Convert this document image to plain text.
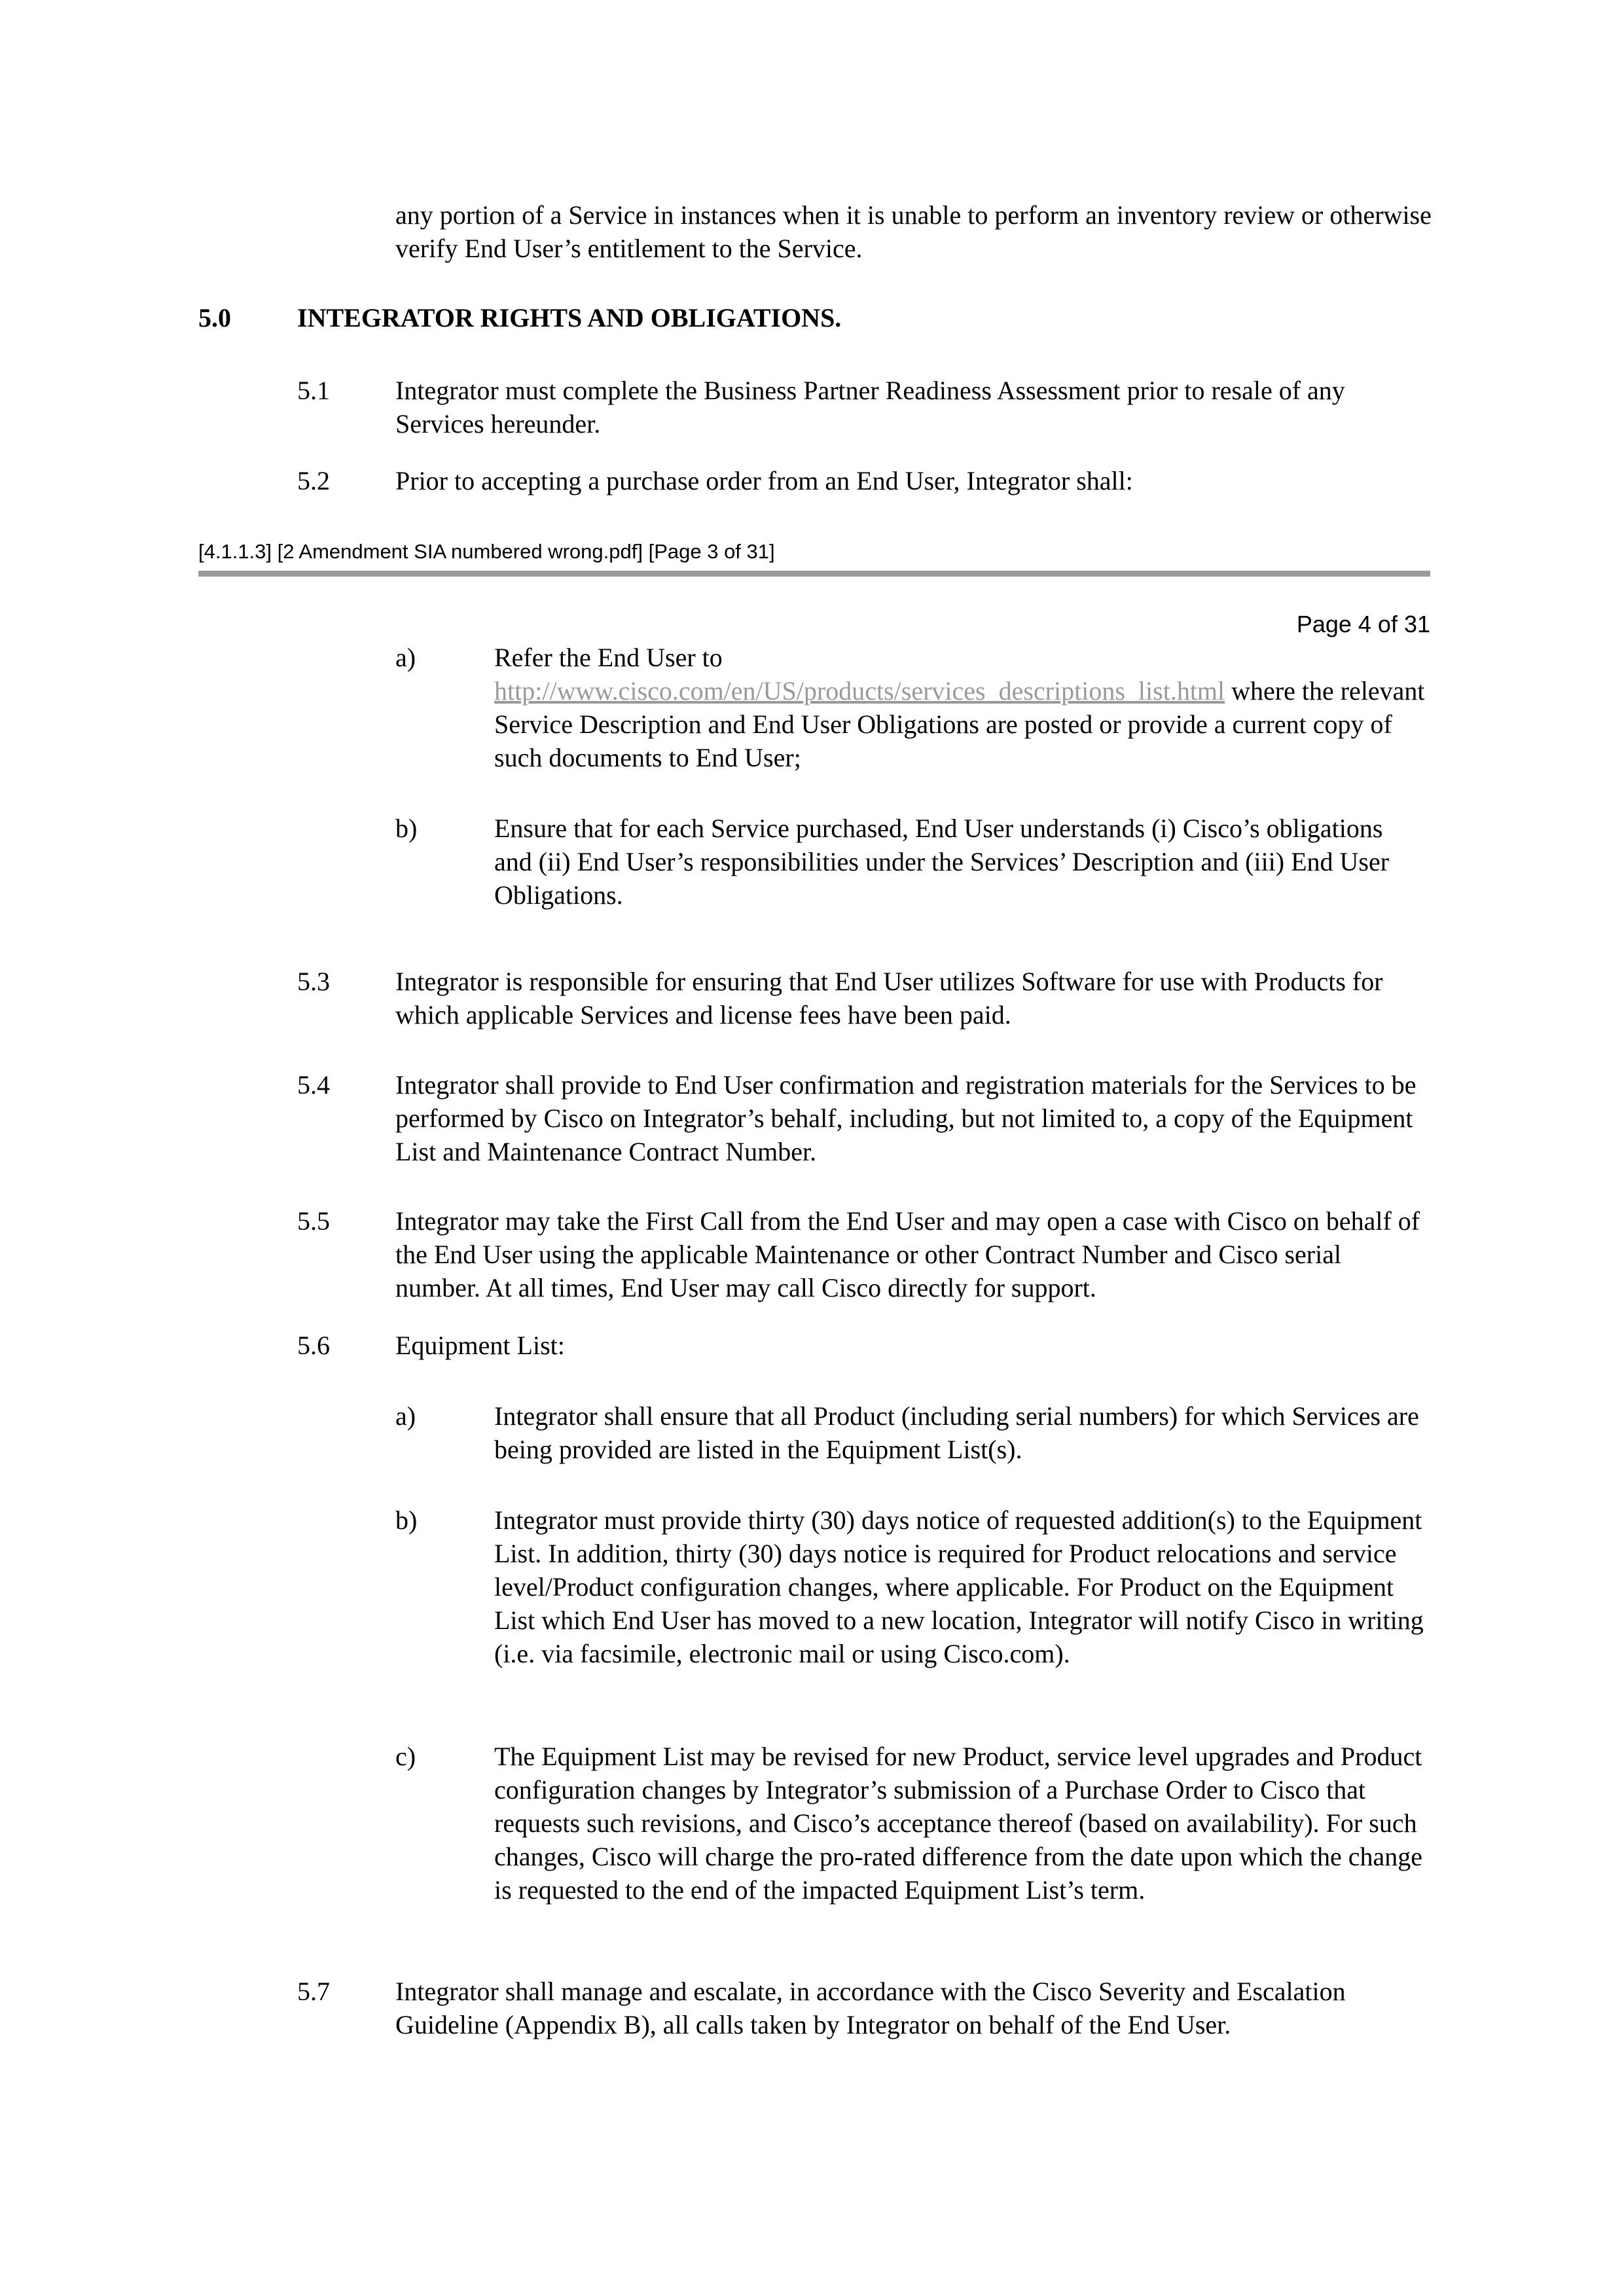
any portion of a Service in instances when it is unable to perform an inventory review or otherwise verify End User’s entitlement to the Service.

5.0	INTEGRATOR RIGHTS AND OBLIGATIONS.

5.1	Integrator must complete the Business Partner Readiness Assessment prior to resale of any Services hereunder.

5.2	Prior to accepting a purchase order from an End User, Integrator shall:

[4.1.1.3] [2 Amendment SIA numbered wrong.pdf] [Page 3 of 31]

Page 4 of 31

a)	Refer the End User to
http://www.cisco.com/en/US/products/services_descriptions_list.html where the relevant Service Description and End User Obligations are posted or provide a current copy of such documents to End User;

b)	Ensure that for each Service purchased, End User understands (i) Cisco’s obligations and (ii) End User’s responsibilities under the Services’ Description and (iii) End User Obligations.

5.3	Integrator is responsible for ensuring that End User utilizes Software for use with Products for which applicable Services and license fees have been paid.

5.4	Integrator shall provide to End User confirmation and registration materials for the Services to be performed by Cisco on Integrator’s behalf, including, but not limited to, a copy of the Equipment List and Maintenance Contract Number.

5.5	Integrator may take the First Call from the End User and may open a case with Cisco on behalf of the End User using the applicable Maintenance or other Contract Number and Cisco serial number. At all times, End User may call Cisco directly for support.

5.6	Equipment List:

a)	Integrator shall ensure that all Product (including serial numbers) for which Services are being provided are listed in the Equipment List(s).

b)	Integrator must provide thirty (30) days notice of requested addition(s) to the Equipment List. In addition, thirty (30) days notice is required for Product relocations and service level/Product configuration changes, where applicable. For Product on the Equipment List which End User has moved to a new location, Integrator will notify Cisco in writing (i.e. via facsimile, electronic mail or using Cisco.com).

c)	The Equipment List may be revised for new Product, service level upgrades and Product configuration changes by Integrator’s submission of a Purchase Order to Cisco that requests such revisions, and Cisco’s acceptance thereof (based on availability). For such changes, Cisco will charge the pro-rated difference from the date upon which the change is requested to the end of the impacted Equipment List’s term.

5.7	Integrator shall manage and escalate, in accordance with the Cisco Severity and Escalation Guideline (Appendix B), all calls taken by Integrator on behalf of the End User.
